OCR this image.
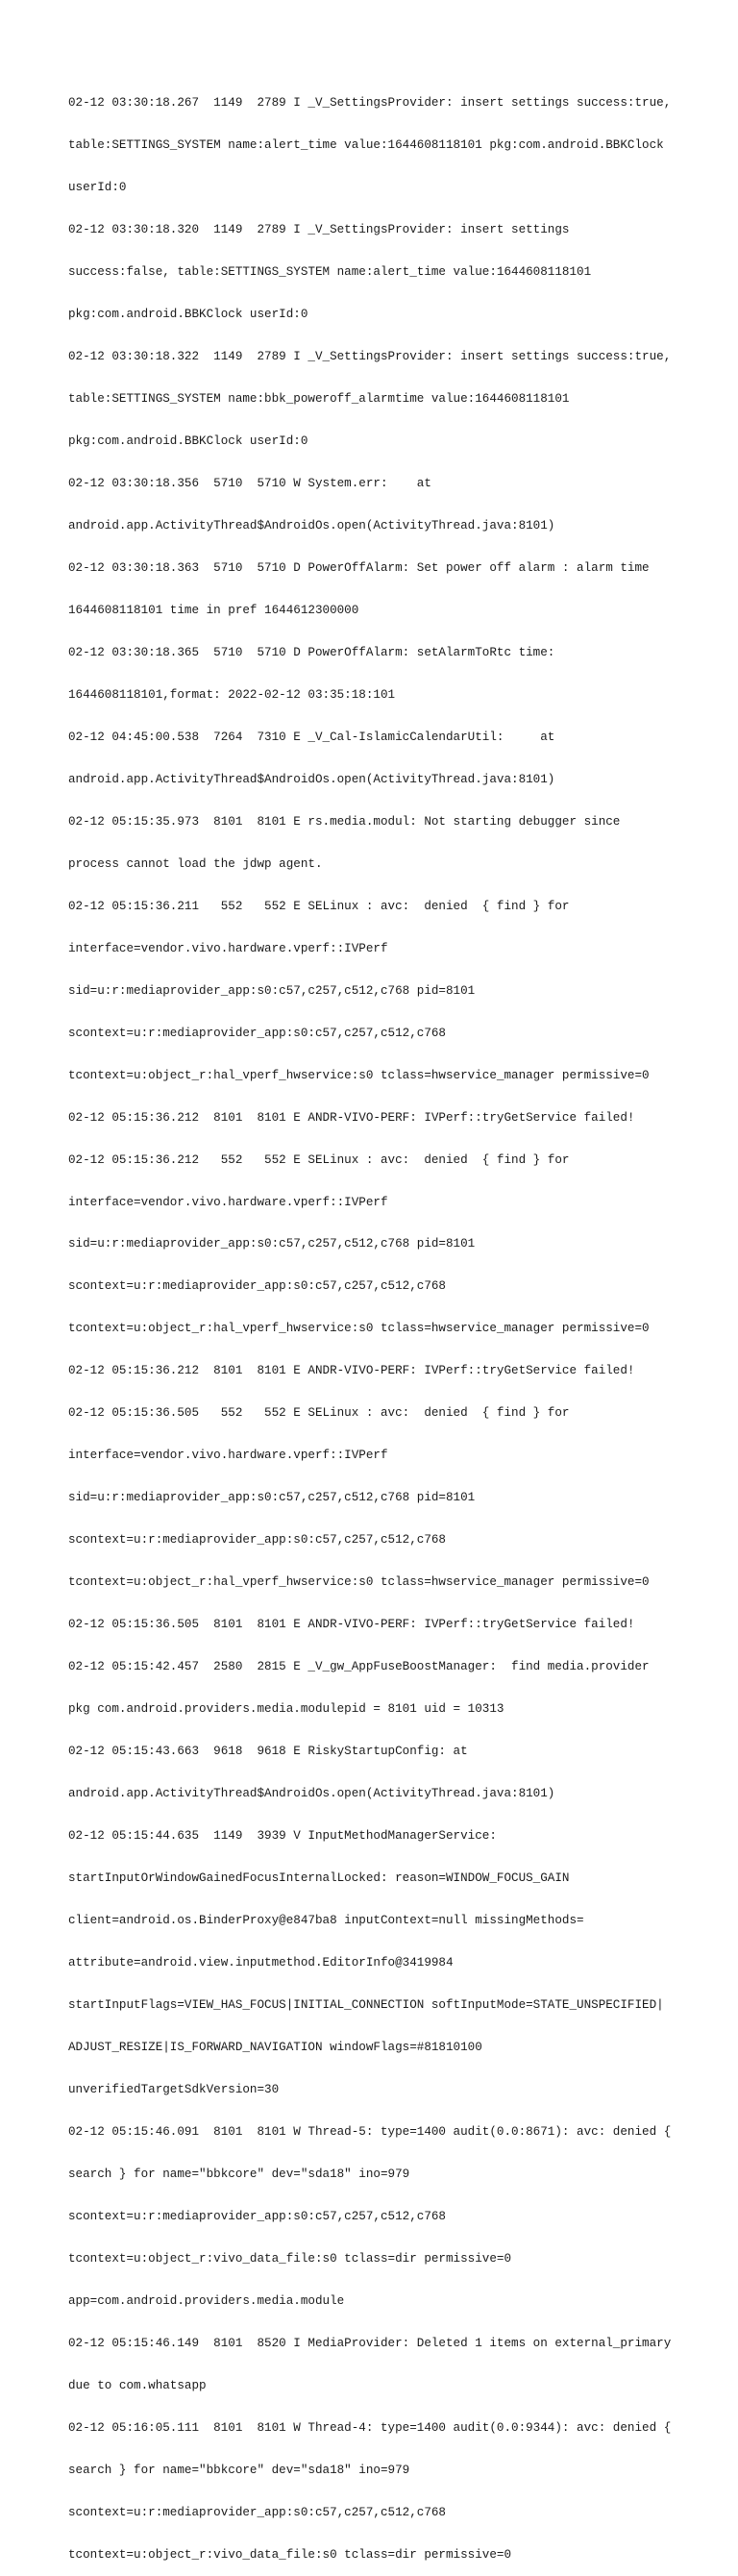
02-12 03:30:18.267  1149  2789 I _V_SettingsProvider: insert settings success:true,

table:SETTINGS_SYSTEM name:alert_time value:1644608118101 pkg:com.android.BBKClock

userId:0

02-12 03:30:18.320  1149  2789 I _V_SettingsProvider: insert settings

success:false, table:SETTINGS_SYSTEM name:alert_time value:1644608118101

pkg:com.android.BBKClock userId:0

02-12 03:30:18.322  1149  2789 I _V_SettingsProvider: insert settings success:true,

table:SETTINGS_SYSTEM name:bbk_poweroff_alarmtime value:1644608118101

pkg:com.android.BBKClock userId:0

02-12 03:30:18.356  5710  5710 W System.err:    at

android.app.ActivityThread$AndroidOs.open(ActivityThread.java:8101)

02-12 03:30:18.363  5710  5710 D PowerOffAlarm: Set power off alarm : alarm time

1644608118101 time in pref 1644612300000

02-12 03:30:18.365  5710  5710 D PowerOffAlarm: setAlarmToRtc time:

1644608118101,format: 2022-02-12 03:35:18:101

02-12 04:45:00.538  7264  7310 E _V_Cal-IslamicCalendarUtil:     at

android.app.ActivityThread$AndroidOs.open(ActivityThread.java:8101)

02-12 05:15:35.973  8101  8101 E rs.media.modul: Not starting debugger since

process cannot load the jdwp agent.

02-12 05:15:36.211   552   552 E SELinux : avc:  denied  { find } for

interface=vendor.vivo.hardware.vperf::IVPerf

sid=u:r:mediaprovider_app:s0:c57,c257,c512,c768 pid=8101

scontext=u:r:mediaprovider_app:s0:c57,c257,c512,c768

tcontext=u:object_r:hal_vperf_hwservice:s0 tclass=hwservice_manager permissive=0

02-12 05:15:36.212  8101  8101 E ANDR-VIVO-PERF: IVPerf::tryGetService failed!

02-12 05:15:36.212   552   552 E SELinux : avc:  denied  { find } for

interface=vendor.vivo.hardware.vperf::IVPerf

sid=u:r:mediaprovider_app:s0:c57,c257,c512,c768 pid=8101

scontext=u:r:mediaprovider_app:s0:c57,c257,c512,c768

tcontext=u:object_r:hal_vperf_hwservice:s0 tclass=hwservice_manager permissive=0

02-12 05:15:36.212  8101  8101 E ANDR-VIVO-PERF: IVPerf::tryGetService failed!

02-12 05:15:36.505   552   552 E SELinux : avc:  denied  { find } for

interface=vendor.vivo.hardware.vperf::IVPerf

sid=u:r:mediaprovider_app:s0:c57,c257,c512,c768 pid=8101

scontext=u:r:mediaprovider_app:s0:c57,c257,c512,c768

tcontext=u:object_r:hal_vperf_hwservice:s0 tclass=hwservice_manager permissive=0

02-12 05:15:36.505  8101  8101 E ANDR-VIVO-PERF: IVPerf::tryGetService failed!

02-12 05:15:42.457  2580  2815 E _V_gw_AppFuseBoostManager:  find media.provider

pkg com.android.providers.media.modulepid = 8101 uid = 10313

02-12 05:15:43.663  9618  9618 E RiskyStartupConfig: at

android.app.ActivityThread$AndroidOs.open(ActivityThread.java:8101)

02-12 05:15:44.635  1149  3939 V InputMethodManagerService:

startInputOrWindowGainedFocusInternalLocked: reason=WINDOW_FOCUS_GAIN

client=android.os.BinderProxy@e847ba8 inputContext=null missingMethods=

attribute=android.view.inputmethod.EditorInfo@3419984

startInputFlags=VIEW_HAS_FOCUS|INITIAL_CONNECTION softInputMode=STATE_UNSPECIFIED|

ADJUST_RESIZE|IS_FORWARD_NAVIGATION windowFlags=#81810100

unverifiedTargetSdkVersion=30

02-12 05:15:46.091  8101  8101 W Thread-5: type=1400 audit(0.0:8671): avc: denied {

search } for name="bbkcore" dev="sda18" ino=979

scontext=u:r:mediaprovider_app:s0:c57,c257,c512,c768

tcontext=u:object_r:vivo_data_file:s0 tclass=dir permissive=0

app=com.android.providers.media.module

02-12 05:15:46.149  8101  8520 I MediaProvider: Deleted 1 items on external_primary

due to com.whatsapp

02-12 05:16:05.111  8101  8101 W Thread-4: type=1400 audit(0.0:9344): avc: denied {

search } for name="bbkcore" dev="sda18" ino=979

scontext=u:r:mediaprovider_app:s0:c57,c257,c512,c768

tcontext=u:object_r:vivo_data_file:s0 tclass=dir permissive=0
